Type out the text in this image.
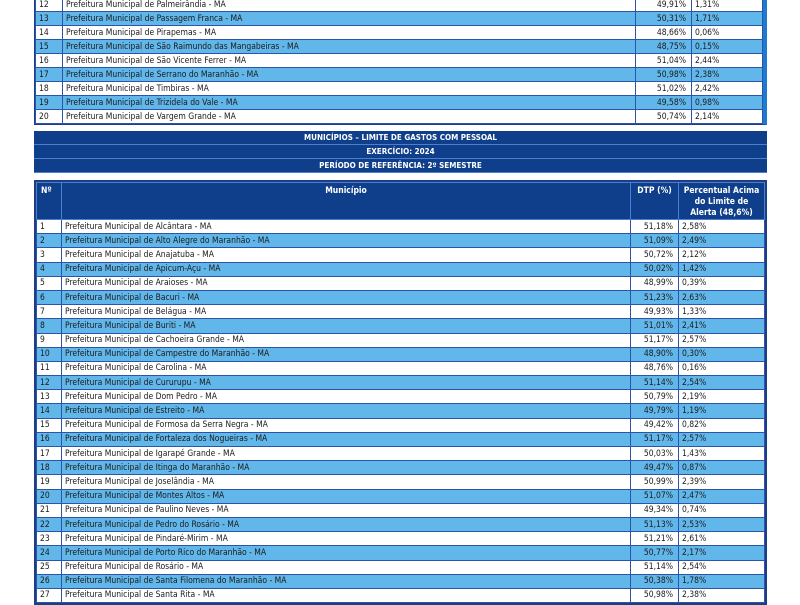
12	Prefeitura Municipal de Palmeirândia - MA	49,91%	1,31%
13	Prefeitura Municipal de Passagem Franca - MA	50,31%	1,71%
14	Prefeitura Municipal de Pirapemas - MA	48,66%	0,06%
15	Prefeitura Municipal de São Raimundo das Mangabeiras - MA	48,75%	0,15%
16	Prefeitura Municipal de São Vicente Ferrer - MA	51,04%	2,44%
17	Prefeitura Municipal de Serrano do Maranhão - MA	50,98%	2,38%
18	Prefeitura Municipal de Timbiras - MA	51,02%	2,42%
19	Prefeitura Municipal de Trizidela do Vale - MA	49,58%	0,98%
20	Prefeitura Municipal de Vargem Grande - MA	50,74%	2,14%
MUNICÍPIOS – LIMITE DE GASTOS COM PESSOAL
EXERCÍCIO: 2024
PERÍODO DE REFERÊNCIA: 2º SEMESTRE
Nº	Município	DTP (%)	Percentual Acima do Limite de Alerta (48,6%)
1	Prefeitura Municipal de Alcântara - MA	51,18%	2,58%
2	Prefeitura Municipal de Alto Alegre do Maranhão - MA	51,09%	2,49%
3	Prefeitura Municipal de Anajatuba - MA	50,72%	2,12%
4	Prefeitura Municipal de Apicum-Açu - MA	50,02%	1,42%
5	Prefeitura Municipal de Araioses - MA	48,99%	0,39%
6	Prefeitura Municipal de Bacuri - MA	51,23%	2,63%
7	Prefeitura Municipal de Belágua - MA	49,93%	1,33%
8	Prefeitura Municipal de Buriti - MA	51,01%	2,41%
9	Prefeitura Municipal de Cachoeira Grande - MA	51,17%	2,57%
10	Prefeitura Municipal de Campestre do Maranhão - MA	48,90%	0,30%
11	Prefeitura Municipal de Carolina - MA	48,76%	0,16%
12	Prefeitura Municipal de Cururupu - MA	51,14%	2,54%
13	Prefeitura Municipal de Dom Pedro - MA	50,79%	2,19%
14	Prefeitura Municipal de Estreito - MA	49,79%	1,19%
15	Prefeitura Municipal de Formosa da Serra Negra - MA	49,42%	0,82%
16	Prefeitura Municipal de Fortaleza dos Nogueiras - MA	51,17%	2,57%
17	Prefeitura Municipal de Igarapé Grande - MA	50,03%	1,43%
18	Prefeitura Municipal de Itinga do Maranhão - MA	49,47%	0,87%
19	Prefeitura Municipal de Joselândia - MA	50,99%	2,39%
20	Prefeitura Municipal de Montes Altos - MA	51,07%	2,47%
21	Prefeitura Municipal de Paulino Neves - MA	49,34%	0,74%
22	Prefeitura Municipal de Pedro do Rosário - MA	51,13%	2,53%
23	Prefeitura Municipal de Pindaré-Mirim - MA	51,21%	2,61%
24	Prefeitura Municipal de Porto Rico do Maranhão - MA	50,77%	2,17%
25	Prefeitura Municipal de Rosário - MA	51,14%	2,54%
26	Prefeitura Municipal de Santa Filomena do Maranhão - MA	50,38%	1,78%
27	Prefeitura Municipal de Santa Rita - MA	50,98%	2,38%
